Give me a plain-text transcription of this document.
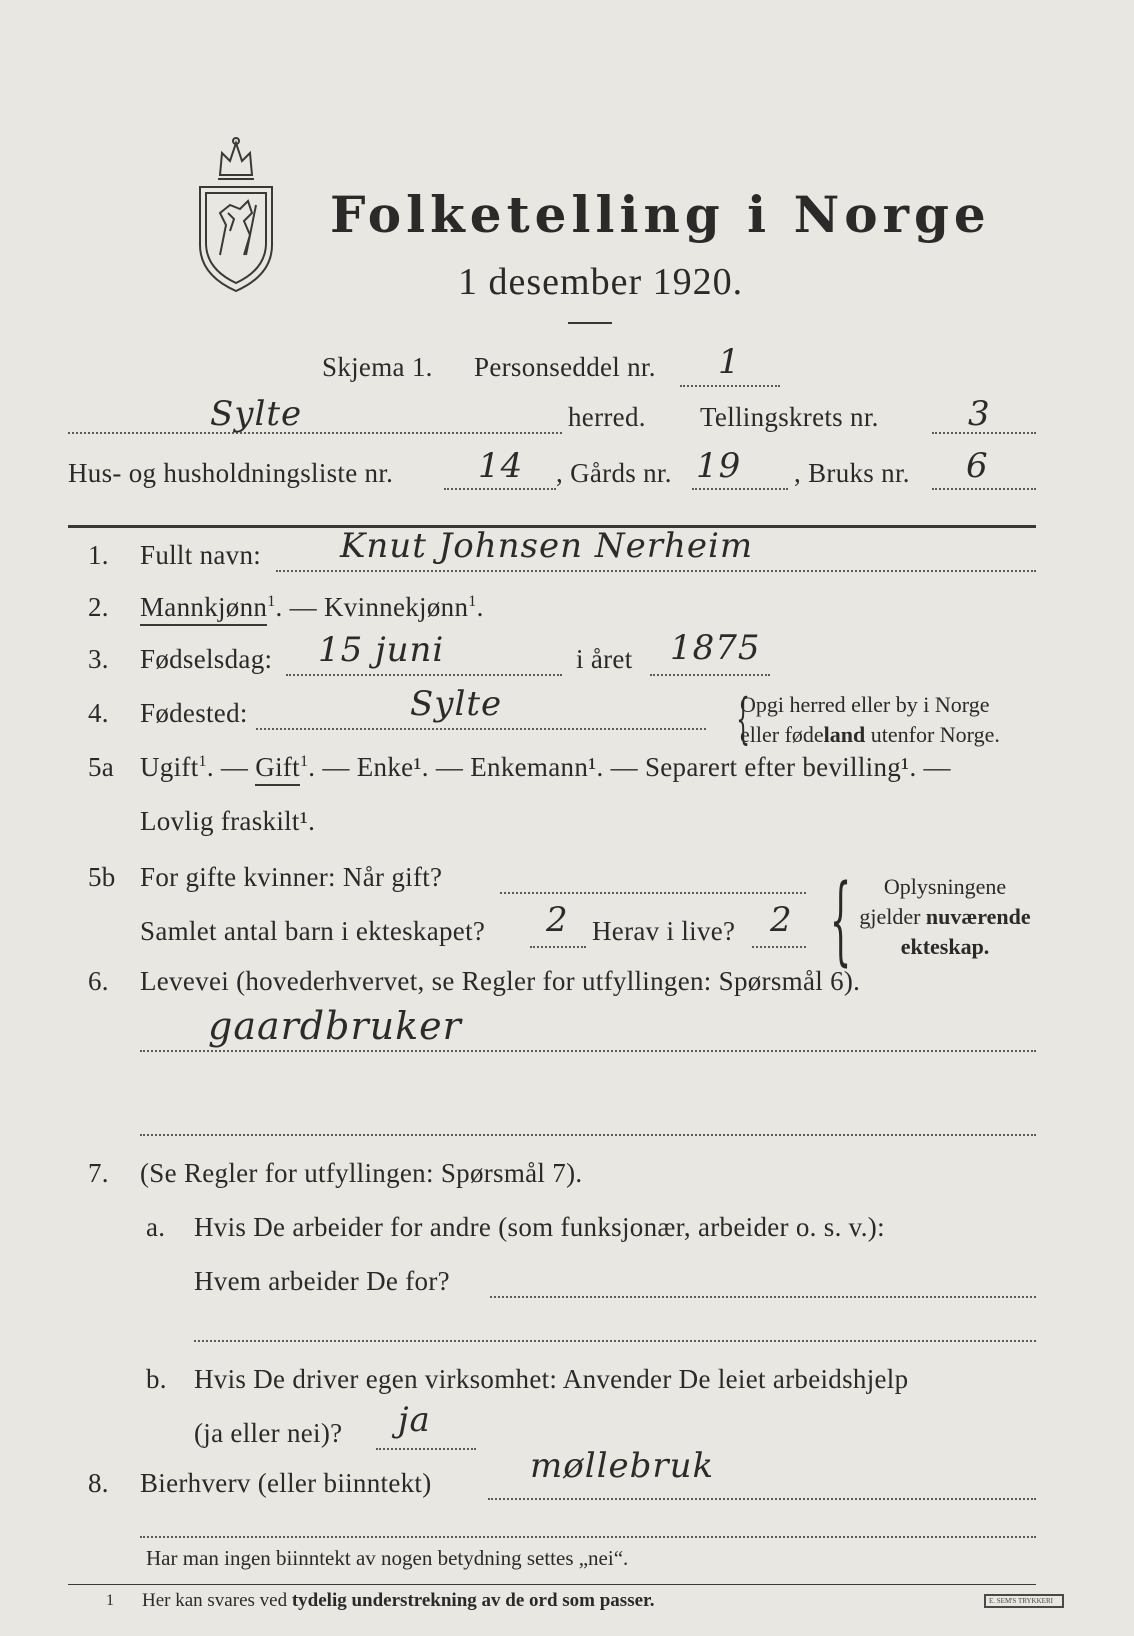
Folketelling i Norge
1 desember 1920.
Skjema 1. Personseddel nr. 1
Sylte	herred. Tellingskrets nr.	3
Hus- og husholdningsliste nr. 14 , Gårds nr. 19 , Bruks nr. 6
1. Fullt navn: Knut Johnsen Nerheim
2. Mannkjønn$^1$. — Kvinnekjønn$^1$.
3. Fødselsdag: 15 juni	i året 1875
4. Fødested:	Sylte	Opgi herred eller by i Norge
eller fødeland utenfor Norge.
{
5a Ugift$^1$. — Gift$^1$. — Enke¹. — Enkemann¹. — Separert efter bevilling¹. —
Lovlig fraskilt¹.
5b For gifte kvinner: Når gift?
Samlet antal barn i ekteskapet? 2 Herav i live? 2 {	Oplysningene
gjelder nuværende
ekteskap.
6. Levevei (hovederhvervet, se Regler for utfyllingen: Spørsmål 6).
gaardbruker
7. (Se Regler for utfyllingen: Spørsmål 7).
a. Hvis De arbeider for andre (som funksjonær, arbeider o. s. v.):
Hvem arbeider De for?
b. Hvis De driver egen virksomhet: Anvender De leiet arbeidshjelp
(ja eller nei)? ja
8. Bierhverv (eller biinntekt)	møllebruk
Har man ingen biinntekt av nogen betydning settes „nei“.
1 Her kan svares ved tydelig understrekning av de ord som passer.	E. SEM'S TRYKKERI
